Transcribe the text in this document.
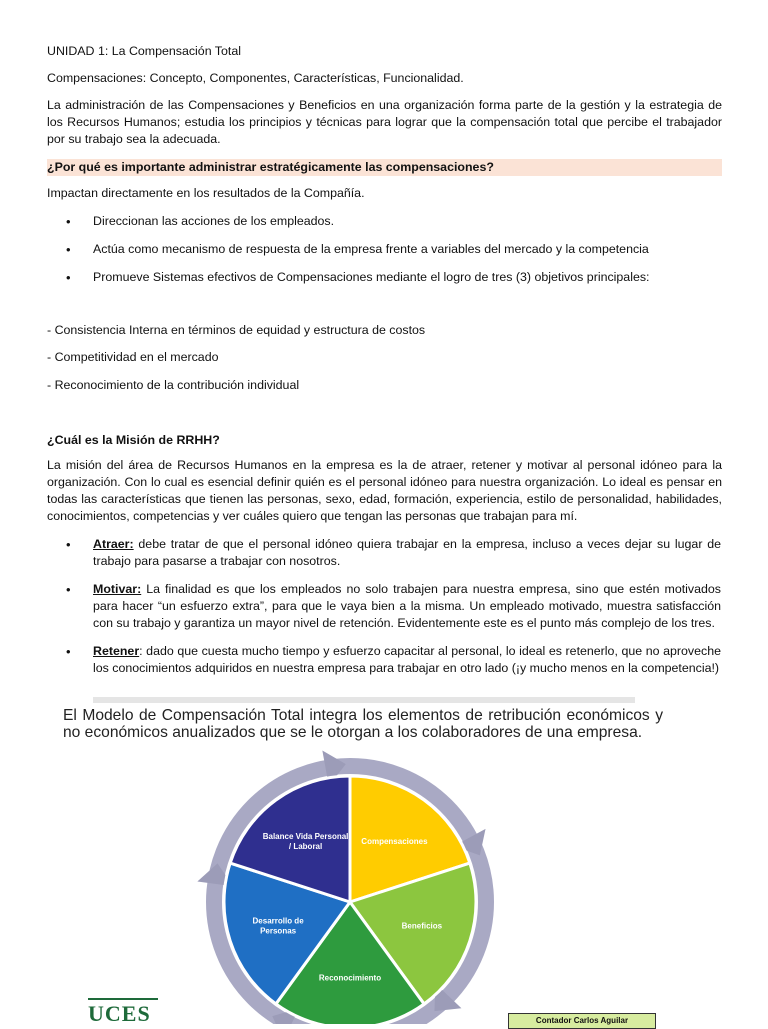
UNIDAD 1: La Compensación Total
Compensaciones: Concepto, Componentes, Características, Funcionalidad.
La administración de las Compensaciones y Beneficios en una organización forma parte de la gestión y la estrategia de los Recursos Humanos; estudia los principios y técnicas para lograr que la compensación total que percibe el trabajador por su trabajo sea la adecuada.
¿Por qué es importante administrar estratégicamente las compensaciones?
Impactan directamente en los resultados de la Compañía.
• Direccionan las acciones de los empleados.
• Actúa como mecanismo de respuesta de la empresa frente a variables del mercado y la competencia
• Promueve Sistemas efectivos de Compensaciones mediante el logro de tres (3) objetivos principales:
- Consistencia Interna en términos de equidad y estructura de costos
- Competitividad en el mercado
- Reconocimiento de la contribución individual
¿Cuál es la Misión de RRHH?
La misión del área de Recursos Humanos en la empresa es la de atraer, retener y motivar al personal idóneo para la organización. Con lo cual es esencial definir quién es el personal idóneo para nuestra organización. Lo ideal es pensar en todas las características que tienen las personas, sexo, edad, formación, experiencia, estilo de personalidad, habilidades, conocimientos, competencias y ver cuáles quiero que tengan las personas que trabajan para mí.
• Atraer: debe tratar de que el personal idóneo quiera trabajar en la empresa, incluso a veces dejar su lugar de trabajo para pasarse a trabajar con nosotros.
• Motivar: La finalidad es que los empleados no solo trabajen para nuestra empresa, sino que estén motivados para hacer “un esfuerzo extra”, para que le vaya bien a la misma. Un empleado motivado, muestra satisfacción con su trabajo y garantiza un mayor nivel de retención. Evidentemente este es el punto más complejo de los tres.
• Retener: dado que cuesta mucho tiempo y esfuerzo capacitar al personal, lo ideal es retenerlo, que no aproveche los conocimientos adquiridos en nuestra empresa para trabajar en otro lado (¡y mucho menos en la competencia!)
El Modelo de Compensación Total integra los elementos de retribución económicos y no económicos anualizados que se le otorgan a los colaboradores de una empresa.
Compensaciones
Beneficios
Reconocimiento
Desarrollo de Personas
Balance Vida Personal / Laboral
UCES	Contador Carlos Aguilar
